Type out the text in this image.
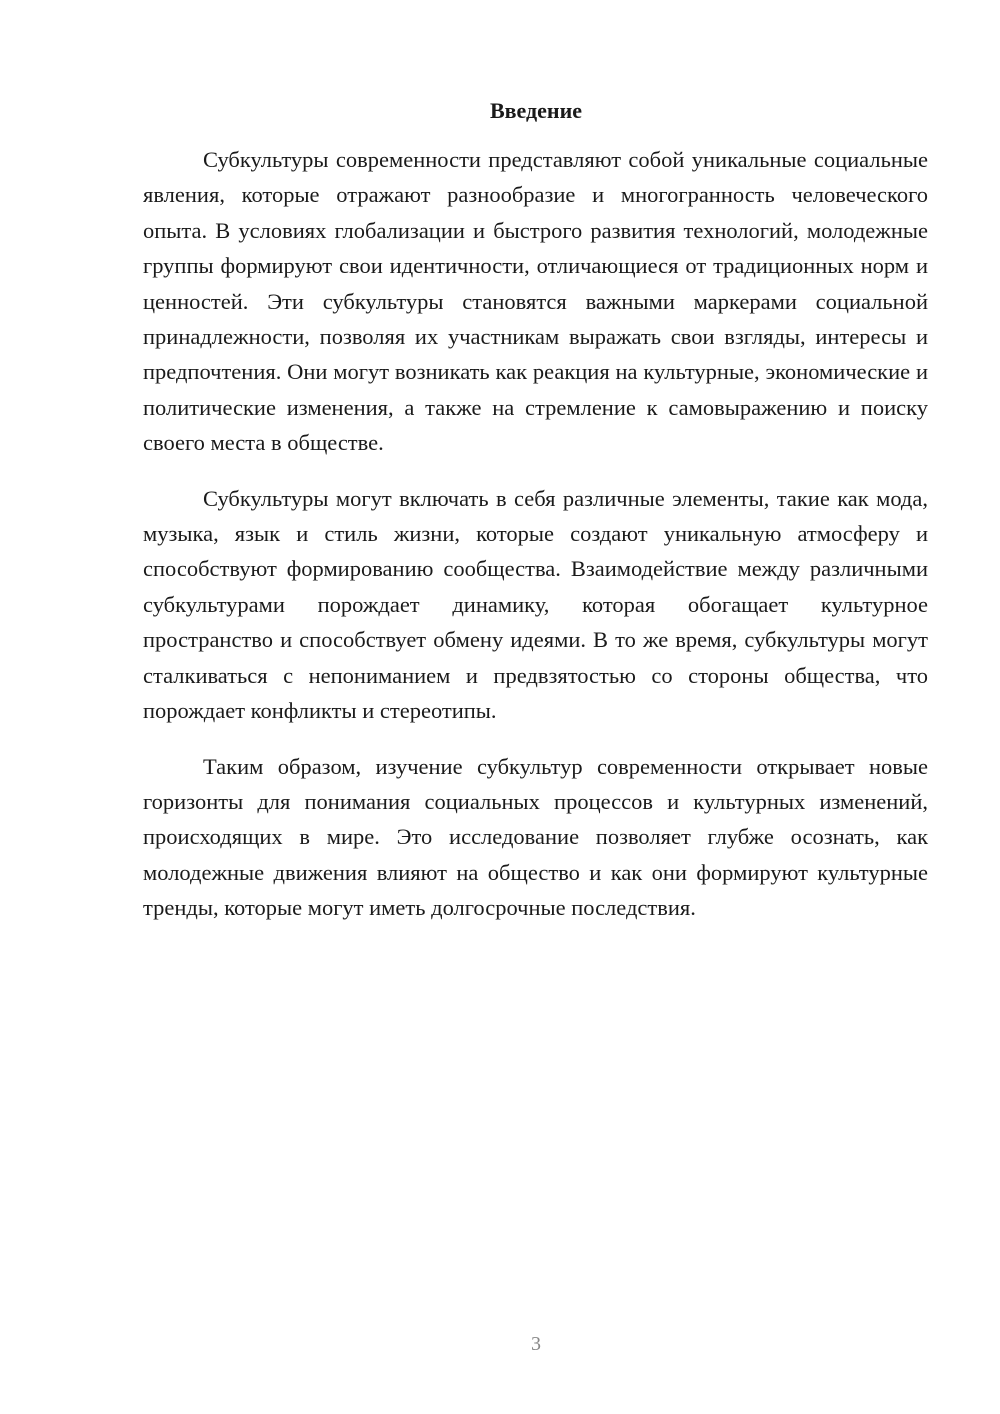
Введение

Субкультуры современности представляют собой уникальные социальные явления, которые отражают разнообразие и многогранность человеческого опыта. В условиях глобализации и быстрого развития технологий, молодежные группы формируют свои идентичности, отличающиеся от традиционных норм и ценностей. Эти субкультуры становятся важными маркерами социальной принадлежности, позволяя их участникам выражать свои взгляды, интересы и предпочтения. Они могут возникать как реакция на культурные, экономические и политические изменения, а также на стремление к самовыражению и поиску своего места в обществе.

Субкультуры могут включать в себя различные элементы, такие как мода, музыка, язык и стиль жизни, которые создают уникальную атмосферу и способствуют формированию сообщества. Взаимодействие между различными субкультурами порождает динамику, которая обогащает культурное пространство и способствует обмену идеями. В то же время, субкультуры могут сталкиваться с непониманием и предвзятостью со стороны общества, что порождает конфликты и стереотипы.

Таким образом, изучение субкультур современности открывает новые горизонты для понимания социальных процессов и культурных изменений, происходящих в мире. Это исследование позволяет глубже осознать, как молодежные движения влияют на общество и как они формируют культурные тренды, которые могут иметь долгосрочные последствия.

3
